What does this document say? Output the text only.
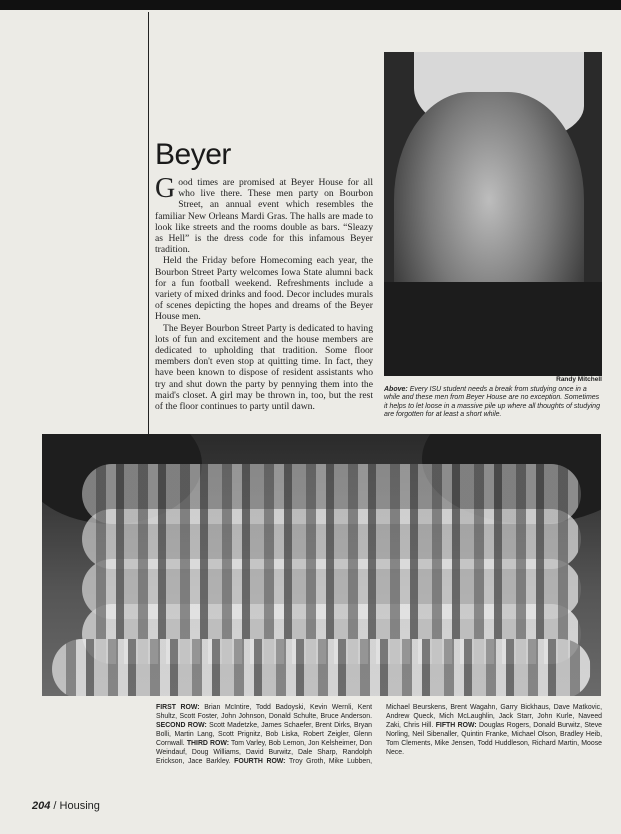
Randy Mitchell
Above: Every ISU student needs a break from studying once in a while and these men from Beyer House are no exception. Sometimes it helps to let loose in a massive pile up where all thoughts of studying are forgotten for at least a short while.
Beyer

Good times are promised at Beyer House for all who live there. These men party on Bourbon Street, an annual event which resembles the familiar New Orleans Mardi Gras. The halls are made to look like streets and the rooms double as bars. “Sleazy as Hell” is the dress code for this infamous Beyer tradition.

Held the Friday before Homecoming each year, the Bourbon Street Party welcomes Iowa State alumni back for a fun football weekend. Refreshments include a variety of mixed drinks and food. Decor includes murals of scenes depicting the hopes and dreams of the Beyer House men.

The Beyer Bourbon Street Party is dedicated to having lots of fun and excitement and the house members are dedicated to upholding that tradition. Some floor members don't even stop at quitting time. In fact, they have been known to dispose of resident assistants who try and shut down the party by pennying them into the maid's closet. A girl may be thrown in, too, but the rest of the floor continues to party until dawn.

FIRST ROW: Brian McIntire, Todd Badoyski, Kevin Wernli, Kent Shultz, Scott Foster, John Johnson, Donald Schulte, Bruce Anderson. SECOND ROW: Scott Madetzke, James Schaefer, Brent Dirks, Bryan Bolli, Martin Lang, Scott Prignitz, Bob Liska, Robert Zeigler, Glenn Cornwall. THIRD ROW: Tom Varley, Bob Lemon, Jon Kelsheimer, Don Weindauf, Doug Williams, David Burwitz, Dale Sharp, Randolph Erickson, Jace Barkley. FOURTH ROW: Troy Groth, Mike Lubben, Michael Beurskens, Brent Wagahn, Garry Bickhaus, Dave Matkovic, Andrew Queck, Mich McLaughlin, Jack Starr, John Kurle, Naveed Zaki, Chris Hill. FIFTH ROW: Douglas Rogers, Donald Burwitz, Steve Norling, Neil Sibenaller, Quintin Franke, Michael Olson, Bradley Heib, Tom Clements, Mike Jensen, Todd Huddleson, Richard Martin, Moose Nece.
204 / Housing
